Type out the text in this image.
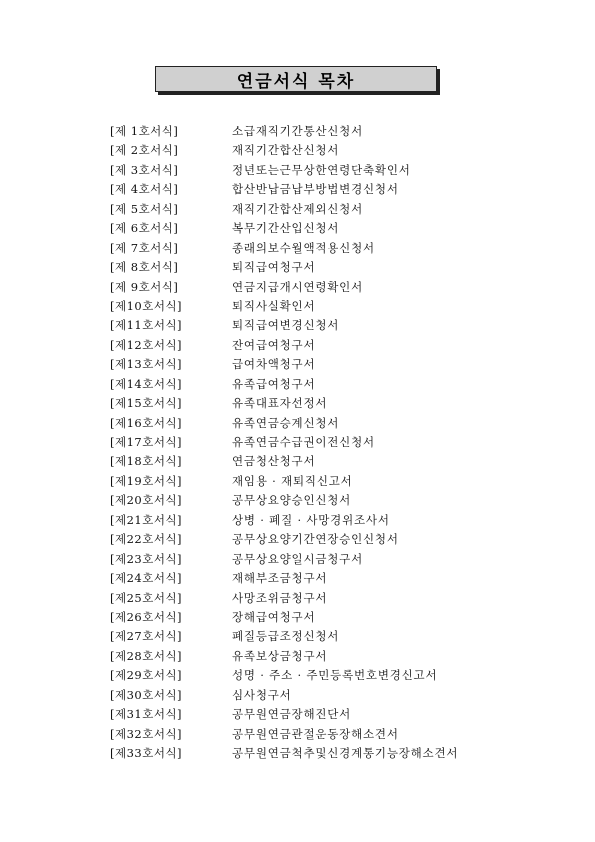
연금서식 목차
[제 1호서식]	소급재직기간통산신청서
[제 2호서식]	재직기간합산신청서
[제 3호서식]	정년또는근무상한연령단축확인서
[제 4호서식]	합산반납금납부방법변경신청서
[제 5호서식]	재직기간합산제외신청서
[제 6호서식]	복무기간산입신청서
[제 7호서식]	종래의보수월액적용신청서
[제 8호서식]	퇴직급여청구서
[제 9호서식]	연금지급개시연령확인서
[제10호서식]	퇴직사실확인서
[제11호서식]	퇴직급여변경신청서
[제12호서식]	잔여급여청구서
[제13호서식]	급여차액청구서
[제14호서식]	유족급여청구서
[제15호서식]	유족대표자선정서
[제16호서식]	유족연금승계신청서
[제17호서식]	유족연금수급권이전신청서
[제18호서식]	연금청산청구서
[제19호서식]	재임용 · 재퇴직신고서
[제20호서식]	공무상요양승인신청서
[제21호서식]	상병 · 폐질 · 사망경위조사서
[제22호서식]	공무상요양기간연장승인신청서
[제23호서식]	공무상요양일시금청구서
[제24호서식]	재해부조금청구서
[제25호서식]	사망조위금청구서
[제26호서식]	장해급여청구서
[제27호서식]	폐질등급조정신청서
[제28호서식]	유족보상금청구서
[제29호서식]	성명 · 주소 · 주민등록번호변경신고서
[제30호서식]	심사청구서
[제31호서식]	공무원연금장해진단서
[제32호서식]	공무원연금관절운동장해소견서
[제33호서식]	공무원연금척추및신경계통기능장해소견서
